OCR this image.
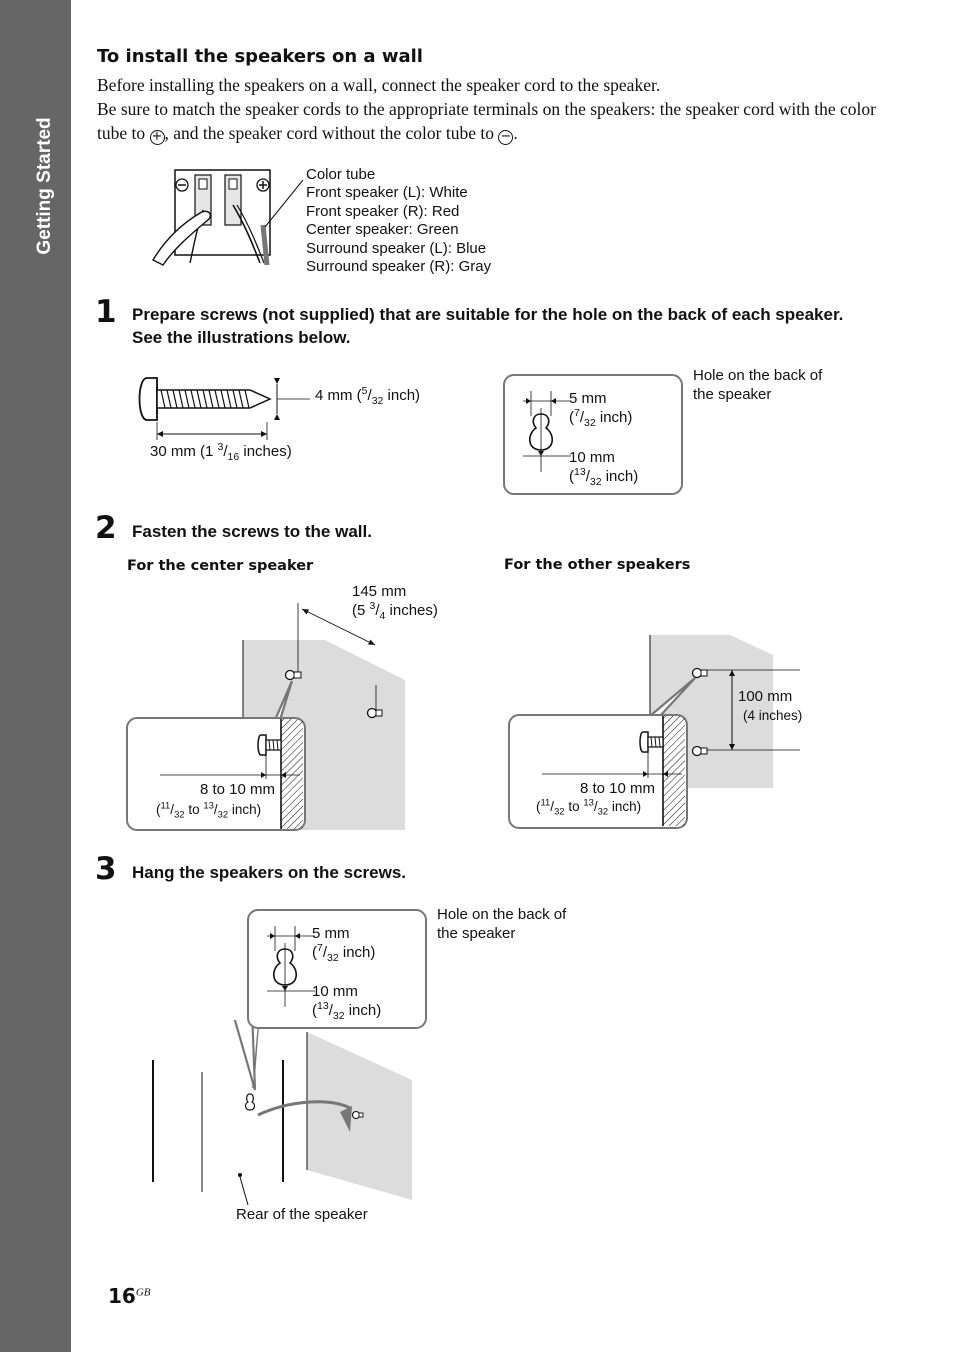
Getting Started
To install the speakers on a wall

Before installing the speakers on a wall, connect the speaker cord to the speaker.

Be sure to match the speaker cords to the appropriate terminals on the speakers: the speaker cord with the color tube to + , and the speaker cord without the color tube to − .

Color tube
Front speaker (L): White
Front speaker (R): Red
Center speaker: Green
Surround speaker (L): Blue
Surround speaker (R): Gray
1 Prepare screws (not supplied) that are suitable for the hole on the back of each speaker.
See the illustrations below.
4 mm ($^5/_{32}$ inch)
30 mm (1 $^3/_{16}$ inches)
5 mm
($^7/_{32}$ inch)
10 mm
($^{13}/_{32}$ inch)
Hole on the back of
the speaker
2 Fasten the screws to the wall.
For the center speaker	For the other speakers
8 to 10 mm
($^{11}/_{32}$ to $^{13}/_{32}$ inch)
145 mm
(5 $^3/_4$ inches)
100 mm
(4 inches)
8 to 10 mm
($^{11}/_{32}$ to $^{13}/_{32}$ inch)
3 Hang the speakers on the screws.
5 mm
($^7/_{32}$ inch)
10 mm
($^{13}/_{32}$ inch)
Hole on the back of
the speaker
Rear of the speaker
$16^{GB}$
